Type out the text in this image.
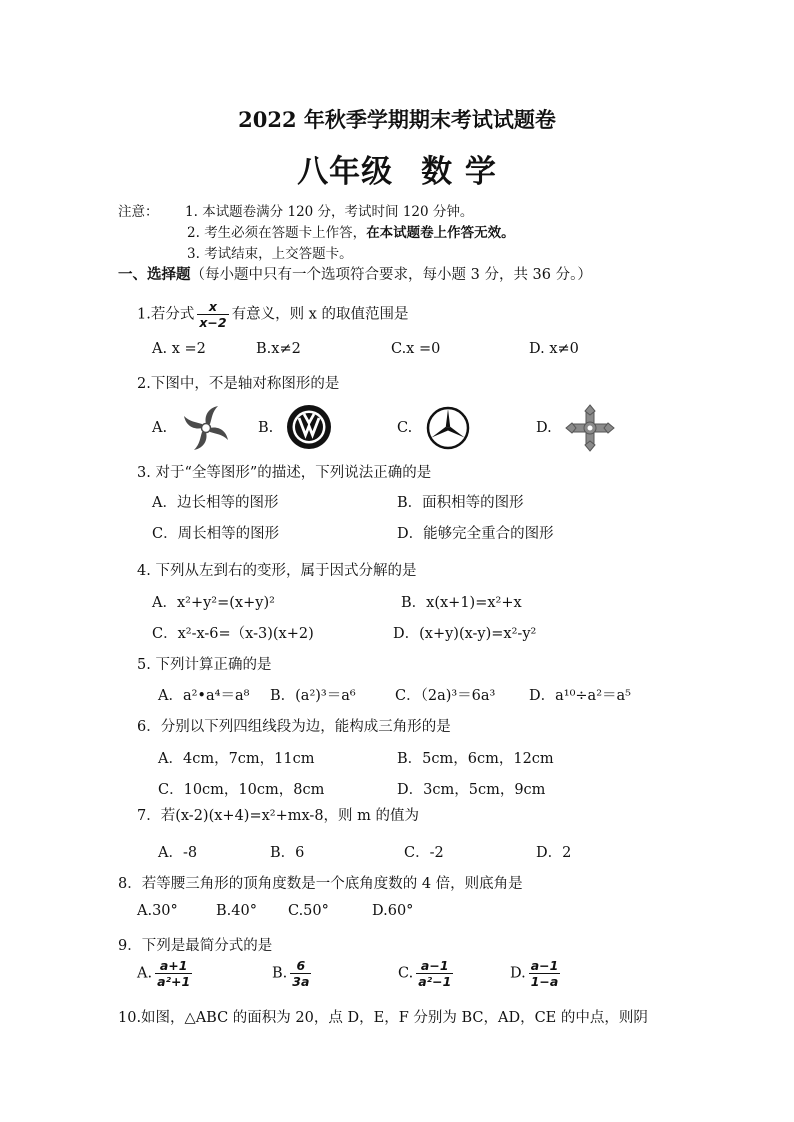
2022 年秋季学期期末考试试题卷
八年级 数 学
注意： 1. 本试题卷满分 120 分，考试时间 120 分钟。
2. 考生必须在答题卡上作答，在本试题卷上作答无效。
3. 考试结束，上交答题卡。
一、选择题（每小题中只有一个选项符合要求，每小题 3 分，共 36 分。）
1.若分式 $\frac{x}{x-2}$ 有意义，则 x 的取值范围是
A. x =2	B.x≠2	C.x =0	D. x≠0
2.下图中，不是轴对称图形的是
A.	B.	C.	D.
3. 对于“全等图形”的描述，下列说法正确的是
A．边长相等的图形	B．面积相等的图形
C．周长相等的图形	D．能够完全重合的图形
4. 下列从左到右的变形，属于因式分解的是
A．x²+y²=(x+y)²	B．x(x+1)=x²+x
C．x²-x-6=（x-3)(x+2)	D．(x+y)(x-y)=x²-y²
5. 下列计算正确的是
A．a²•a⁴＝a⁸ B．(a²)³＝a⁶	C．（2a)³＝6a³ D．a¹⁰÷a²＝a⁵
6．分别以下列四组线段为边，能构成三角形的是
A．4cm，7cm，11cm	B．5cm，6cm，12cm
C．10cm，10cm，8cm	D．3cm，5cm，9cm
7．若(x-2)(x+4)=x²+mx-8，则 m 的值为
A．-8	B．6	C．-2	D．2
8．若等腰三角形的顶角度数是一个底角度数的 4 倍，则底角是
A.30°	B.40° C.50°	D.60°
9．下列是最简分式的是
A. $\frac{a+1}{\text{a²+1}}$	B. $\frac{6}{3a}$	C. $\frac{a-1}{\text{a²−1}}$	D. $\frac{a-1}{1-a}$
10.如图，△ABC 的面积为 20，点 D，E，F 分别为 BC，AD，CE 的中点，则阴
